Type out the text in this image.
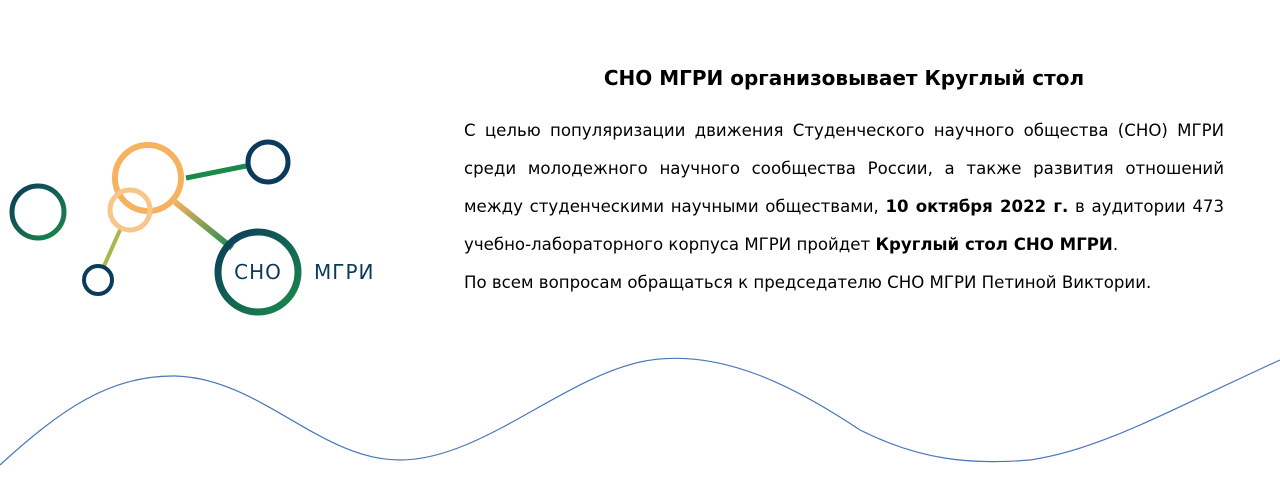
СНО МГРИ
СНО МГРИ организовывает Круглый стол

С целью популяризации движения Студенческого научного общества (СНО) МГРИ среди молодежного научного сообщества России, а также развития отношений между студенческими научными обществами, 10 октября 2022 г. в аудитории 473 учебно-лабораторного корпуса МГРИ пройдет Круглый стол СНО МГРИ.

По всем вопросам обращаться к председателю СНО МГРИ Петиной Виктории.
